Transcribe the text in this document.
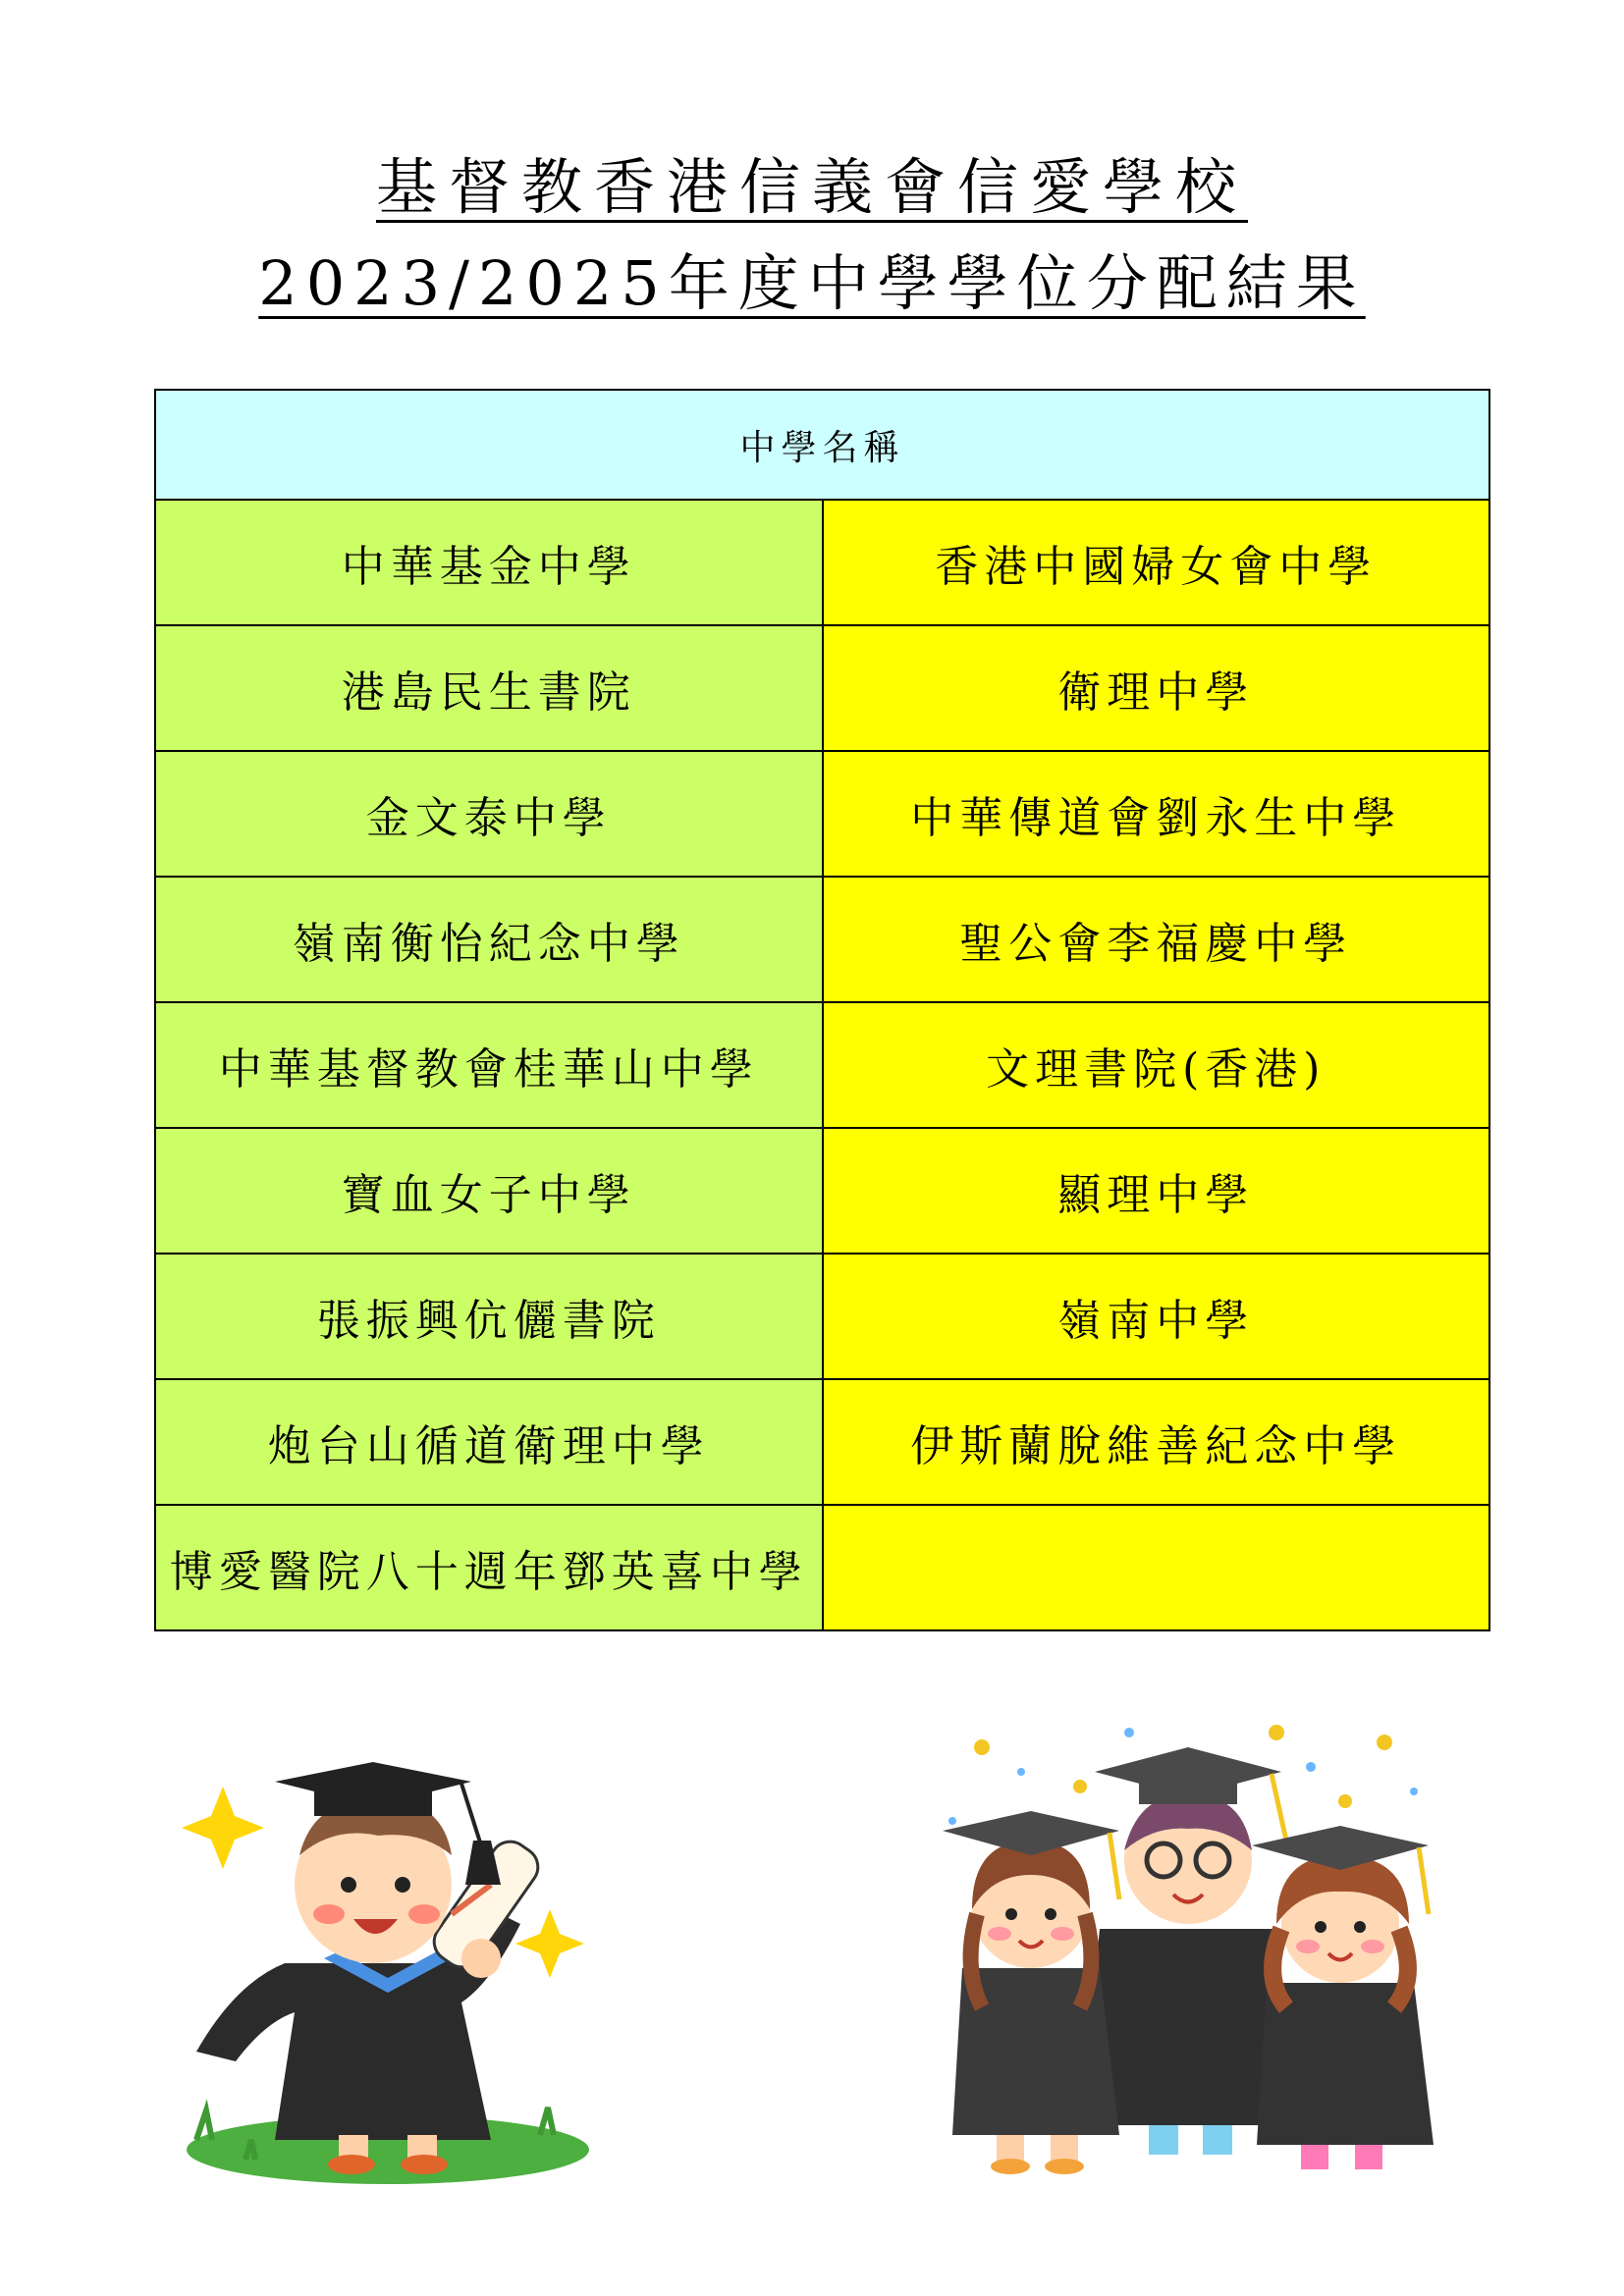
基督教香港信義會信愛學校
2023/2025年度中學學位分配結果
中學名稱	
中華基金中學	香港中國婦女會中學
港島民生書院	衛理中學
金文泰中學	中華傳道會劉永生中學
嶺南衡怡紀念中學	聖公會李福慶中學
中華基督教會桂華山中學	文理書院(香港)
寶血女子中學	顯理中學
張振興伉儷書院	嶺南中學
炮台山循道衛理中學	伊斯蘭脫維善紀念中學
博愛醫院八十週年鄧英喜中學	
